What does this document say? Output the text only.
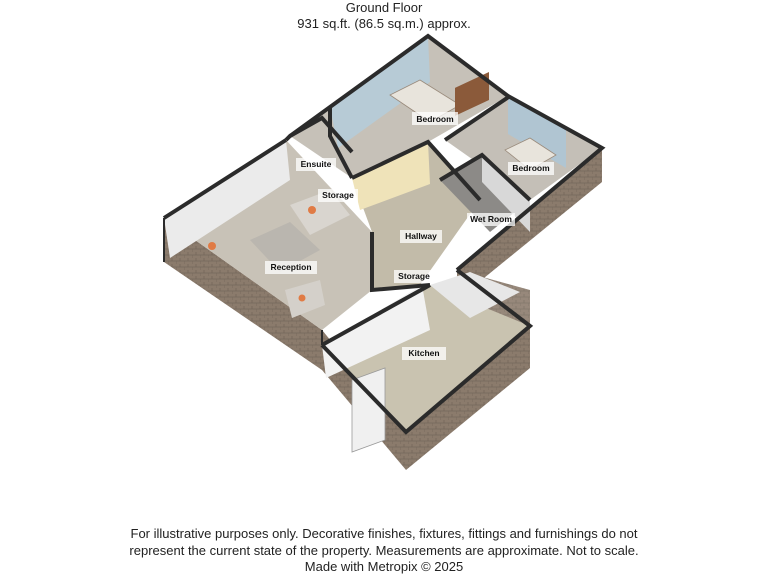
Ground Floor
931 sq.ft. (86.5 sq.m.) approx.
Bedroom
Bedroom
Ensuite
Storage
Wet Room
Hallway
Reception
Storage
Kitchen
For illustrative purposes only. Decorative finishes, fixtures, fittings and furnishings do not
represent the current state of the property. Measurements are approximate. Not to scale.
Made with Metropix © 2025
